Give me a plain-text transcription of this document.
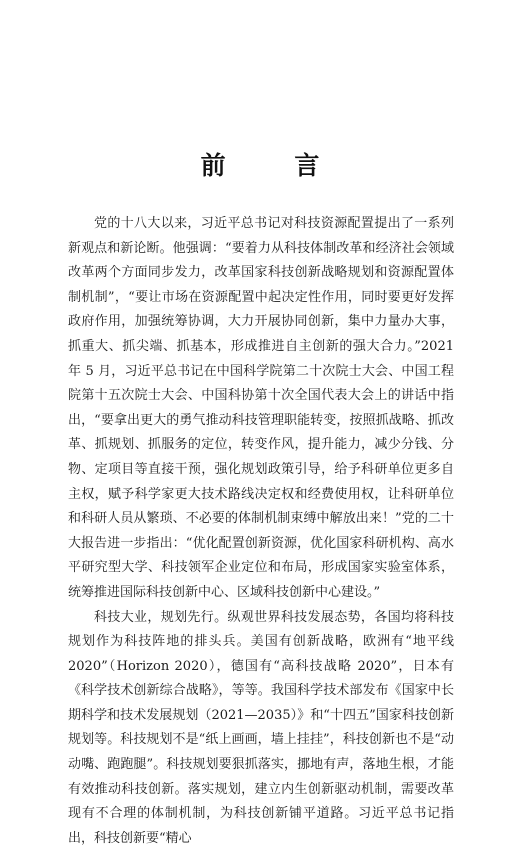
前 言

党的十八大以来，习近平总书记对科技资源配置提出了一系列新观点和新论断。他强调：“要着力从科技体制改革和经济社会领域改革两个方面同步发力，改革国家科技创新战略规划和资源配置体制机制”，“要让市场在资源配置中起决定性作用，同时要更好发挥政府作用，加强统筹协调，大力开展协同创新，集中力量办大事，抓重大、抓尖端、抓基本，形成推进自主创新的强大合力。”2021 年 5 月，习近平总书记在中国科学院第二十次院士大会、中国工程院第十五次院士大会、中国科协第十次全国代表大会上的讲话中指出，“要拿出更大的勇气推动科技管理职能转变，按照抓战略、抓改革、抓规划、抓服务的定位，转变作风，提升能力，减少分钱、分物、定项目等直接干预，强化规划政策引导，给予科研单位更多自主权，赋予科学家更大技术路线决定权和经费使用权，让科研单位和科研人员从繁琐、不必要的体制机制束缚中解放出来！”党的二十大报告进一步指出：“优化配置创新资源，优化国家科研机构、高水平研究型大学、科技领军企业定位和布局，形成国家实验室体系，统筹推进国际科技创新中心、区域科技创新中心建设。”

科技大业，规划先行。纵观世界科技发展态势，各国均将科技规划作为科技阵地的排头兵。美国有创新战略，欧洲有“地平线 2020”（Horizon 2020），德国有“高科技战略 2020”，日本有《科学技术创新综合战略》，等等。我国科学技术部发布《国家中长期科学和技术发展规划（2021—2035）》和“十四五”国家科技创新规划等。科技规划不是“纸上画画，墙上挂挂”，科技创新也不是“动动嘴、跑跑腿”。科技规划要狠抓落实，挪地有声，落地生根，才能有效推动科技创新。落实规划，建立内生创新驱动机制，需要改革现有不合理的体制机制，为科技创新铺平道路。习近平总书记指出，科技创新要“精心
